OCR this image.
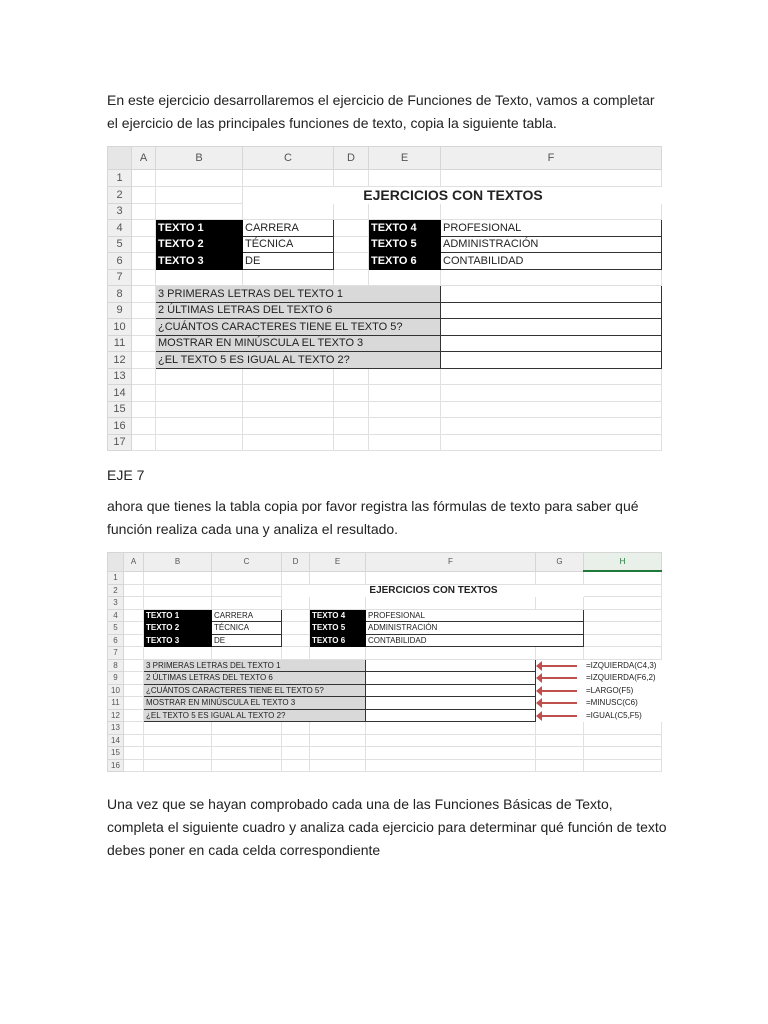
En este ejercicio desarrollaremos el ejercicio de Funciones de Texto, vamos a completar el ejercicio de las principales funciones de texto, copia la siguiente tabla.

	A	B	C	D	E	F
1						
2			EJERCICIOS CON TEXTOS			
3						
4		TEXTO 1	CARRERA		TEXTO 4	PROFESIONAL
5		TEXTO 2	TÉCNICA		TEXTO 5	ADMINISTRACIÓN
6		TEXTO 3	DE		TEXTO 6	CONTABILIDAD
7						
8		3 PRIMERAS LETRAS DEL TEXTO 1				
9		2 ÚLTIMAS LETRAS DEL TEXTO 6				
10		¿CUÁNTOS CARACTERES TIENE EL TEXTO 5?				
11		MOSTRAR EN MINÚSCULA EL TEXTO 3				
12		¿EL TEXTO 5 ES IGUAL AL TEXTO 2?				
13						
14						
15						
16						
17						

EJE 7

ahora que tienes la tabla copia por favor registra las fórmulas de texto para saber qué función realiza cada una y analiza el resultado.

	A	B	C	D	E	F	G	H
1								
2				EJERCICIOS CON TEXTOS				
3								
4		TEXTO 1	CARRERA		TEXTO 4	PROFESIONAL		
5		TEXTO 2	TÉCNICA		TEXTO 5	ADMINISTRACIÓN		
6		TEXTO 3	DE		TEXTO 6	CONTABILIDAD		
7								
8		3 PRIMERAS LETRAS DEL TEXTO 1						=IZQUIERDA(C4,3)
9		2 ÚLTIMAS LETRAS DEL TEXTO 6						=IZQUIERDA(F6,2)
10		¿CUÁNTOS CARACTERES TIENE EL TEXTO 5?						=LARGO(F5)
11		MOSTRAR EN MINÚSCULA EL TEXTO 3						=MINUSC(C6)
12		¿EL TEXTO 5 ES IGUAL AL TEXTO 2?						=IGUAL(C5,F5)
13								
14								
15								
16								

Una vez que se hayan comprobado cada una de las Funciones Básicas de Texto, completa el siguiente cuadro y analiza cada ejercicio para determinar qué función de texto debes poner en cada celda correspondiente
